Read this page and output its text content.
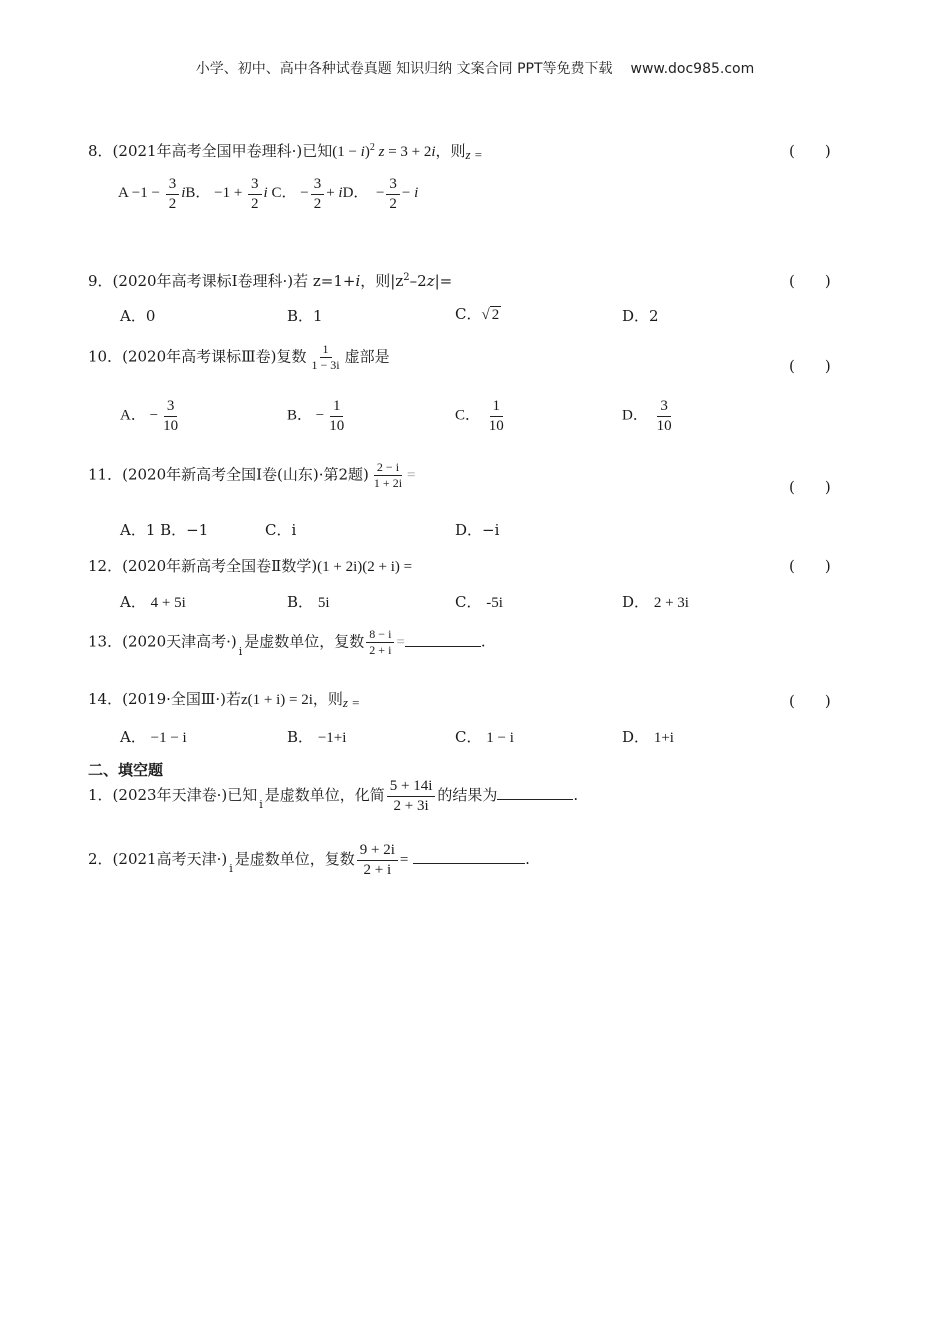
小学、初中、高中各种试卷真题 知识归纳 文案合同 PPT等免费下载 www.doc985.com
8．(2021年高考全国甲卷理科·)已知$(1 - i)^2$ z = 3 + 2i，则z =	(　　)
$A -1 - \frac{3}{2}$ iB． $-1 + \frac{3}{2}$ i C． − $\frac{3}{2}$ + iD． − $\frac{3}{2} - i$
9．(2020年高考课标Ⅰ卷理科·)若 z=1+i，则$|z^2-2z|=$	(　　)
A．0	B．1	C．√ 2	D．2
10．(2020年高考课标Ⅲ卷)复数 $\frac{1}{1 - 3i}$ 虚部是
(　　)
A． − $\frac{3}{10}$	B． − $\frac{1}{10}$	C． $\frac{1}{10}$	D． $\frac{3}{10}$
11．(2020年新高考全国Ⅰ卷(山东)·第2题) $\frac{2 - i}{1 + 2i}$ =
(　　)
A．1 B．−1	C．i	D．−i
12．(2020年新高考全国卷Ⅱ数学)(1 + 2i)(2 + i) =	(　　)
A． 4 + 5i	B． 5i	C． -5i	D． 2 + 3i
13．(2020天津高考$\cdot)_i$是虚数单位，复数 $\frac{8 - i}{2 + i}$ =	.
14．(2019·全国Ⅲ·)若z(1 + i) = 2i，则z =	(　　)
A． −1 − i	B． −1+i	C． 1 − i	D． 1+i
二、填空题
1．(2023年天津卷·)已知$_i$是虚数单位，化简 $\frac{5 + 14i}{2 + 3i}$ 的结果为	.
2．(2021高考天津$\cdot)_i$是虚数单位，复数 $\frac{9 + 2i}{2 + i}$ =	.
